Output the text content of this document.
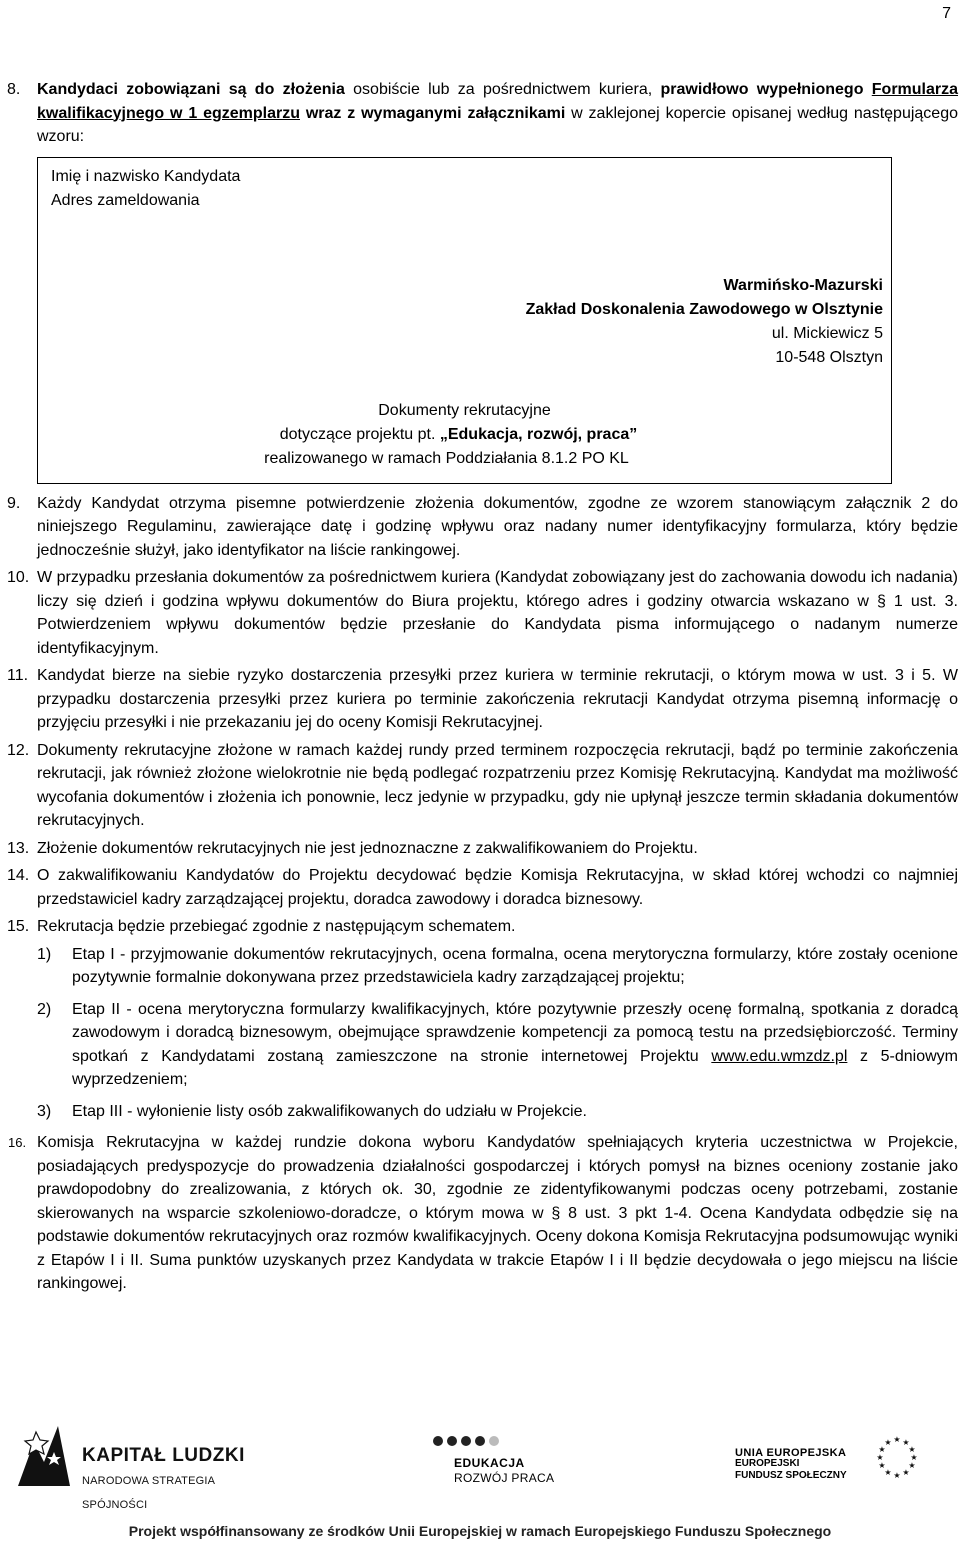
7
8. Kandydaci zobowiązani są do złożenia osobiście lub za pośrednictwem kuriera, prawidłowo wypełnionego Formularza kwalifikacyjnego w 1 egzemplarzu wraz z wymaganymi załącznikami w zaklejonej kopercie opisanej według następującego wzoru:
Imię i nazwisko Kandydata
Adres zameldowania
Warmińsko-Mazurski
Zakład Doskonalenia Zawodowego w Olsztynie
ul. Mickiewicz 5
10-548 Olsztyn
Dokumenty rekrutacyjne
dotyczące projektu pt. „Edukacja, rozwój, praca”
realizowanego w ramach Poddziałania 8.1.2 PO KL
9. Każdy Kandydat otrzyma pisemne potwierdzenie złożenia dokumentów, zgodne ze wzorem stanowiącym załącznik 2 do niniejszego Regulaminu, zawierające datę i godzinę wpływu oraz nadany numer identyfikacyjny formularza, który będzie jednocześnie służył, jako identyfikator na liście rankingowej.
10. W przypadku przesłania dokumentów za pośrednictwem kuriera (Kandydat zobowiązany jest do zachowania dowodu ich nadania) liczy się dzień i godzina wpływu dokumentów do Biura projektu, którego adres i godziny otwarcia wskazano w § 1 ust. 3. Potwierdzeniem wpływu dokumentów będzie przesłanie do Kandydata pisma informującego o nadanym numerze identyfikacyjnym.
11. Kandydat bierze na siebie ryzyko dostarczenia przesyłki przez kuriera w terminie rekrutacji, o którym mowa w ust. 3 i 5. W przypadku dostarczenia przesyłki przez kuriera po terminie zakończenia rekrutacji Kandydat otrzyma pisemną informację o przyjęciu przesyłki i nie przekazaniu jej do oceny Komisji Rekrutacyjnej.
12. Dokumenty rekrutacyjne złożone w ramach każdej rundy przed terminem rozpoczęcia rekrutacji, bądź po terminie zakończenia rekrutacji, jak również złożone wielokrotnie nie będą podlegać rozpatrzeniu przez Komisję Rekrutacyjną. Kandydat ma możliwość wycofania dokumentów i złożenia ich ponownie, lecz jedynie w przypadku, gdy nie upłynął jeszcze termin składania dokumentów rekrutacyjnych.
13. Złożenie dokumentów rekrutacyjnych nie jest jednoznaczne z zakwalifikowaniem do Projektu.
14. O zakwalifikowaniu Kandydatów do Projektu decydować będzie Komisja Rekrutacyjna, w skład której wchodzi co najmniej przedstawiciel kadry zarządzającej projektu, doradca zawodowy i doradca biznesowy.
15. Rekrutacja będzie przebiegać zgodnie z następującym schematem.
1) Etap I - przyjmowanie dokumentów rekrutacyjnych, ocena formalna, ocena merytoryczna formularzy, które zostały ocenione pozytywnie formalnie dokonywana przez przedstawiciela kadry zarządzającej projektu;
2) Etap II - ocena merytoryczna formularzy kwalifikacyjnych, które pozytywnie przeszły ocenę formalną, spotkania z doradcą zawodowym i doradcą biznesowym, obejmujące sprawdzenie kompetencji za pomocą testu na przedsiębiorczość. Terminy spotkań z Kandydatami zostaną zamieszczone na stronie internetowej Projektu www.edu.wmzdz.pl z 5-dniowym wyprzedzeniem;
3) Etap III - wyłonienie listy osób zakwalifikowanych do udziału w Projekcie.
16. Komisja Rekrutacyjna w każdej rundzie dokona wyboru Kandydatów spełniających kryteria uczestnictwa w Projekcie, posiadających predyspozycje do prowadzenia działalności gospodarczej i których pomysł na biznes oceniony zostanie jako prawdopodobny do zrealizowania, z których ok. 30, zgodnie ze zidentyfikowanymi podczas oceny potrzebami, zostanie skierowanych na wsparcie szkoleniowo-doradcze, o którym mowa w § 8 ust. 3 pkt 1-4. Ocena Kandydata odbędzie się na podstawie dokumentów rekrutacyjnych oraz rozmów kwalifikacyjnych. Oceny dokona Komisja Rekrutacyjna podsumowując wyniki z Etapów I i II. Suma punktów uzyskanych przez Kandydata w trakcie Etapów I i II będzie decydowała o jego miejscu na liście rankingowej.
KAPITAŁ LUDZKI
NARODOWA STRATEGIA SPÓJNOŚCI
EDUKACJA
ROZWÓJ PRACA
UNIA EUROPEJSKA
EUROPEJSKI
FUNDUSZ SPOŁECZNY
★ ★
★
★
★
★
★
★
★
★
★
★
Projekt współfinansowany ze środków Unii Europejskiej w ramach Europejskiego Funduszu Społecznego
